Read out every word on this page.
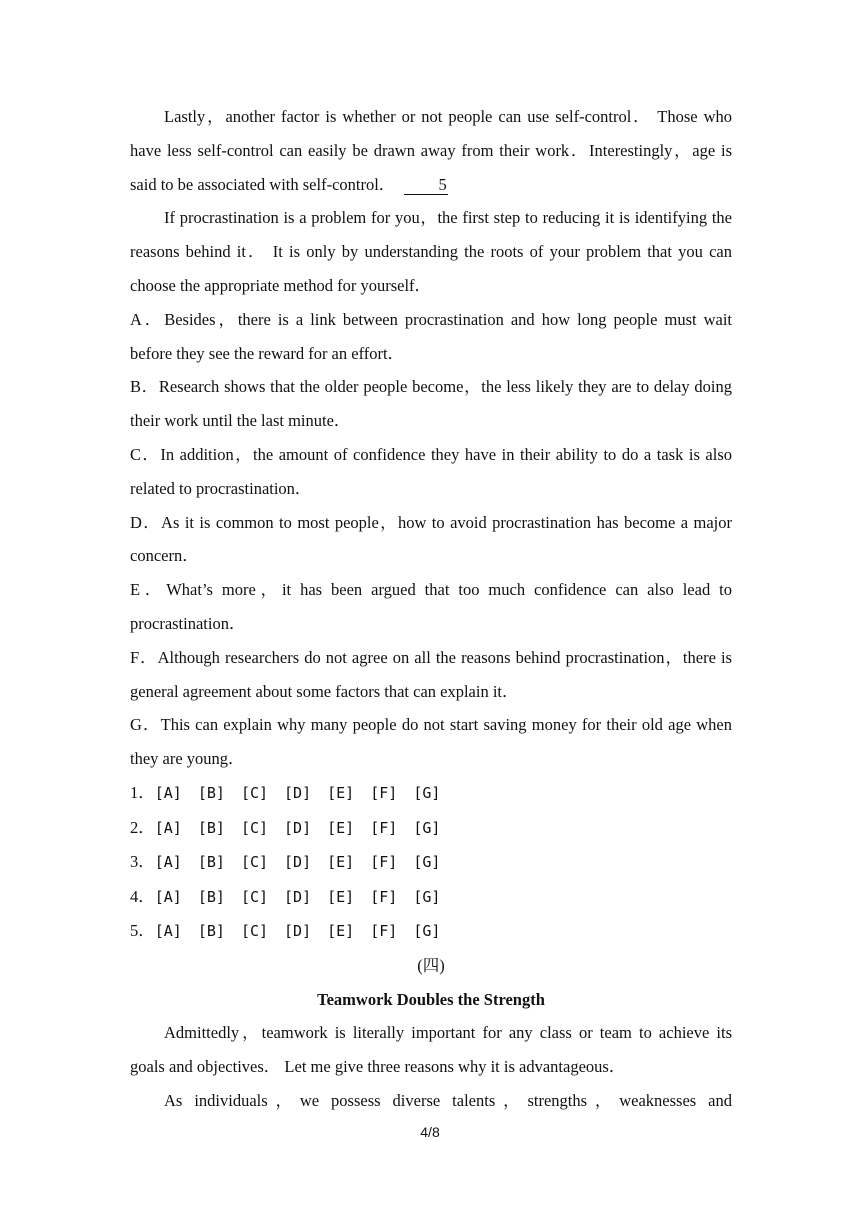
Lastly，another factor is whether or not people can use self-control． Those who have less self-control can easily be drawn away from their work．Interestingly，age is said to be associated with self-control．	5

If procrastination is a problem for you，the first step to reducing it is identifying the reasons behind it． It is only by understanding the roots of your problem that you can choose the appropriate method for yourself．

A．Besides，there is a link between procrastination and how long people must wait before they see the reward for an effort．

B．Research shows that the older people become，the less likely they are to delay doing their work until the last minute．

C．In addition，the amount of confidence they have in their ability to do a task is also related to procrastination．

D．As it is common to most people，how to avoid procrastination has become a major concern．

E．What’s more，it has been argued that too much confidence can also lead to procrastination．

F．Although researchers do not agree on all the reasons behind procrastination，there is general agreement about some factors that can explain it．

G．This can explain why many people do not start saving money for their old age when they are young．

1．[A] [B] [C] [D] [E] [F] [G]

2．[A] [B] [C] [D] [E] [F] [G]

3．[A] [B] [C] [D] [E] [F] [G]

4．[A] [B] [C] [D] [E] [F] [G]

5．[A] [B] [C] [D] [E] [F] [G]

(四)

Teamwork Doubles the Strength

Admittedly，teamwork is literally important for any class or team to achieve its goals and objectives． Let me give three reasons why it is advantageous．

As individuals，we possess diverse talents，strengths，weaknesses and

4/8
